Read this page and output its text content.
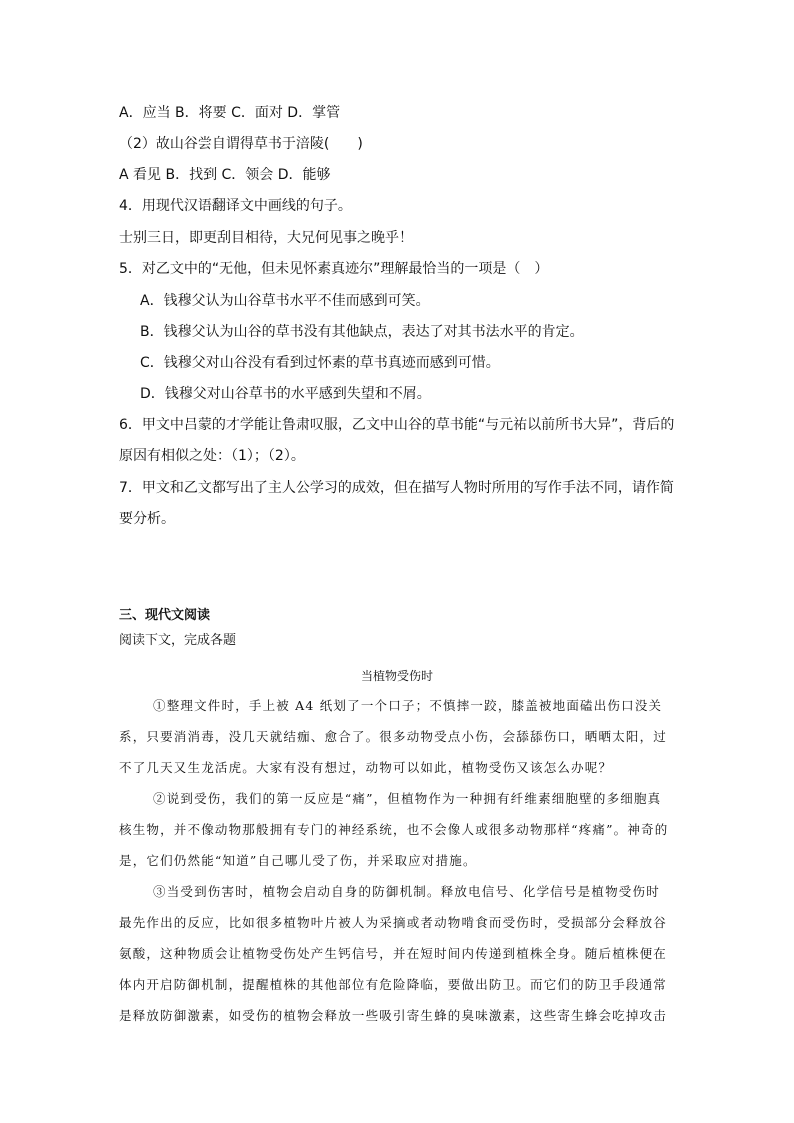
A．应当 B．将要 C．面对 D．掌管
（2）故山谷尝自谓得草书于涪陵(　　)
A 看见 B．找到 C．领会 D．能够
4．用现代汉语翻译文中画线的句子。
士别三日，即更刮目相待，大兄何见事之晚乎！
5．对乙文中的“无他，但未见怀素真迹尔”理解最恰当的一项是（　）
A．钱穆父认为山谷草书水平不佳而感到可笑。
B．钱穆父认为山谷的草书没有其他缺点，表达了对其书法水平的肯定。
C．钱穆父对山谷没有看到过怀素的草书真迹而感到可惜。
D．钱穆父对山谷草书的水平感到失望和不屑。
6．甲文中吕蒙的才学能让鲁肃叹服，乙文中山谷的草书能“与元祐以前所书大异”，背后的
原因有相似之处：（1）；（2）。
7．甲文和乙文都写出了主人公学习的成效，但在描写人物时所用的写作手法不同，请作简
要分析。
三、现代文阅读
阅读下文，完成各题
当植物受伤时
①整理文件时，手上被 A4 纸划了一个口子；不慎摔一跤，膝盖被地面磕出伤口没关
系，只要消消毒，没几天就结痂、愈合了。很多动物受点小伤，会舔舔伤口，晒晒太阳，过
不了几天又生龙活虎。大家有没有想过，动物可以如此，植物受伤又该怎么办呢？
②说到受伤，我们的第一反应是“痛”，但植物作为一种拥有纤维素细胞壁的多细胞真
核生物，并不像动物那般拥有专门的神经系统，也不会像人或很多动物那样“疼痛”。神奇的
是，它们仍然能“知道”自己哪儿受了伤，并采取应对措施。
③当受到伤害时，植物会启动自身的防御机制。释放电信号、化学信号是植物受伤时
最先作出的反应，比如很多植物叶片被人为采摘或者动物啃食而受伤时，受损部分会释放谷
氨酸，这种物质会让植物受伤处产生钙信号，并在短时间内传递到植株全身。随后植株便在
体内开启防御机制，提醒植株的其他部位有危险降临，要做出防卫。而它们的防卫手段通常
是释放防御激素，如受伤的植物会释放一些吸引寄生蜂的臭味激素，这些寄生蜂会吃掉攻击
